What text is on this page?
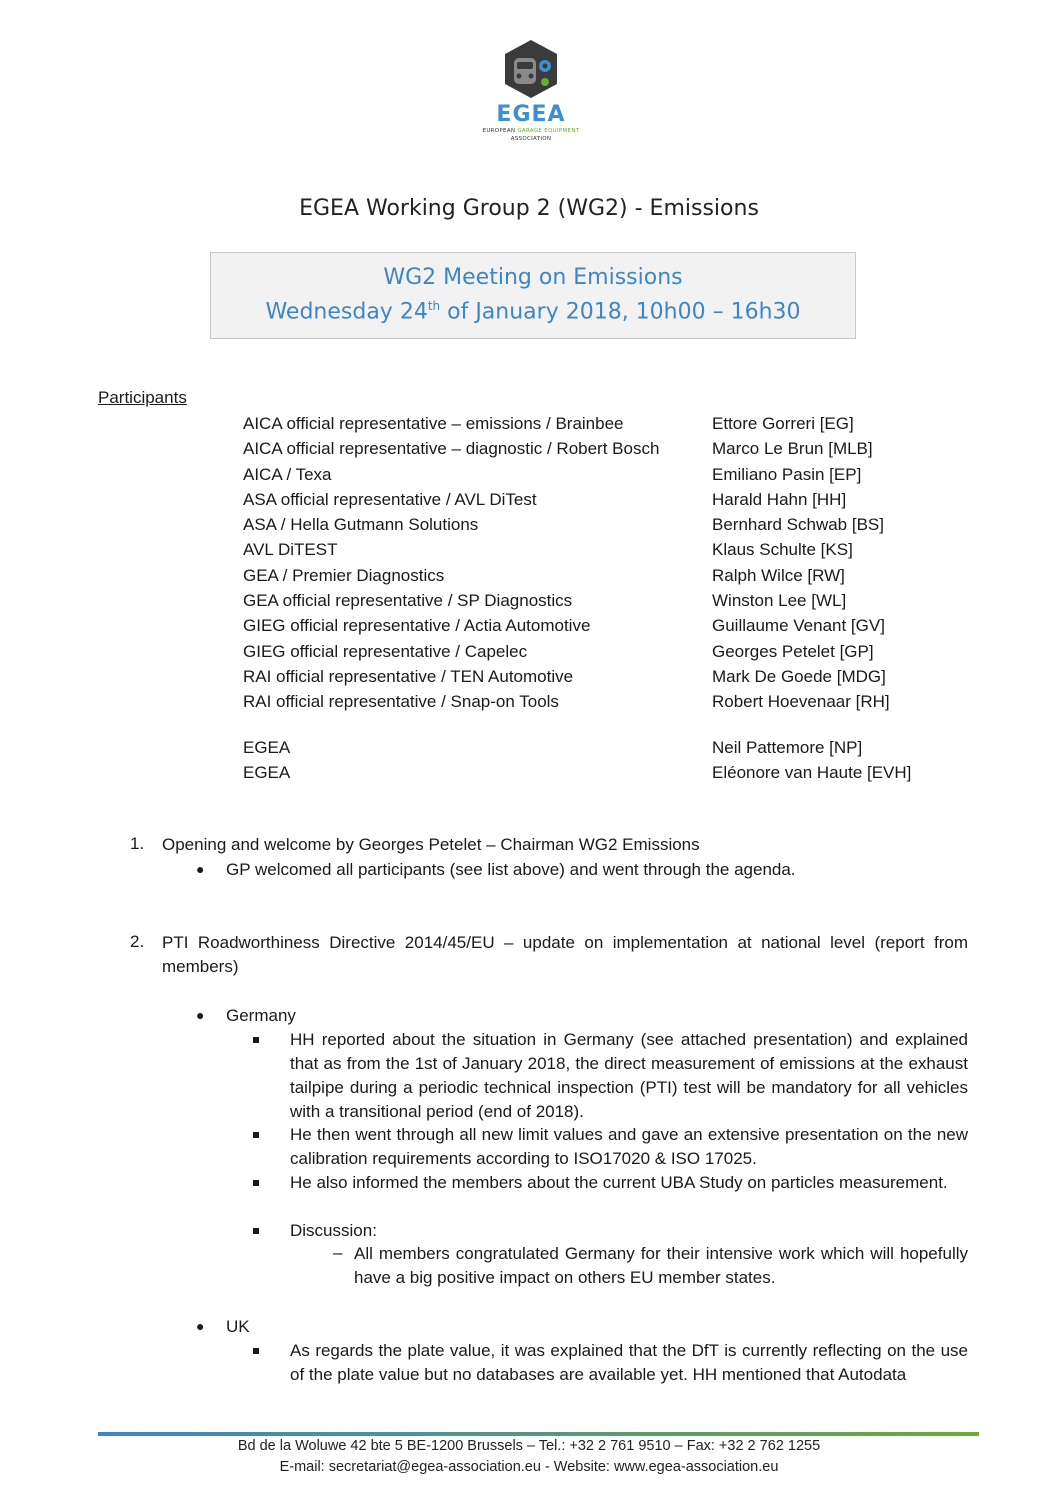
EGEA
EUROPEAN GARAGE EQUIPMENT
ASSOCIATION
EGEA Working Group 2 (WG2) - Emissions
WG2 Meeting on Emissions
Wednesday 24th of January 2018, 10h00 – 16h30
Participants
AICA official representative – emissions / Brainbee	Ettore Gorreri [EG]
AICA official representative – diagnostic / Robert Bosch	Marco Le Brun [MLB]
AICA / Texa	Emiliano Pasin [EP]
ASA official representative / AVL DiTest	Harald Hahn [HH]
ASA / Hella Gutmann Solutions	Bernhard Schwab [BS]
AVL DiTEST	Klaus Schulte [KS]
GEA / Premier Diagnostics	Ralph Wilce [RW]
GEA official representative / SP Diagnostics	Winston Lee [WL]
GIEG official representative / Actia Automotive	Guillaume Venant [GV]
GIEG official representative / Capelec	Georges Petelet [GP]
RAI official representative / TEN Automotive	Mark De Goede [MDG]
RAI official representative / Snap-on Tools	Robert Hoevenaar [RH]
EGEA	Neil Pattemore [NP]
EGEA	Eléonore van Haute [EVH]
1. Opening and welcome by Georges Petelet – Chairman WG2 Emissions
● GP welcomed all participants (see list above) and went through the agenda.
2. PTI Roadworthiness Directive 2014/45/EU – update on implementation at national level (report from members)
● Germany
HH reported about the situation in Germany (see attached presentation) and explained that as from the 1st of January 2018, the direct measurement of emissions at the exhaust tailpipe during a periodic technical inspection (PTI) test will be mandatory for all vehicles with a transitional period (end of 2018).
He then went through all new limit values and gave an extensive presentation on the new calibration requirements according to ISO17020 & ISO 17025.
He also informed the members about the current UBA Study on particles measurement.
Discussion:
– All members congratulated Germany for their intensive work which will hopefully have a big positive impact on others EU member states.
● UK
As regards the plate value, it was explained that the DfT is currently reflecting on the use of the plate value but no databases are available yet. HH mentioned that Autodata
Bd de la Woluwe 42 bte 5 BE-1200 Brussels – Tel.: +32 2 761 9510 – Fax: +32 2 762 1255
E-mail: secretariat@egea-association.eu - Website: www.egea-association.eu
